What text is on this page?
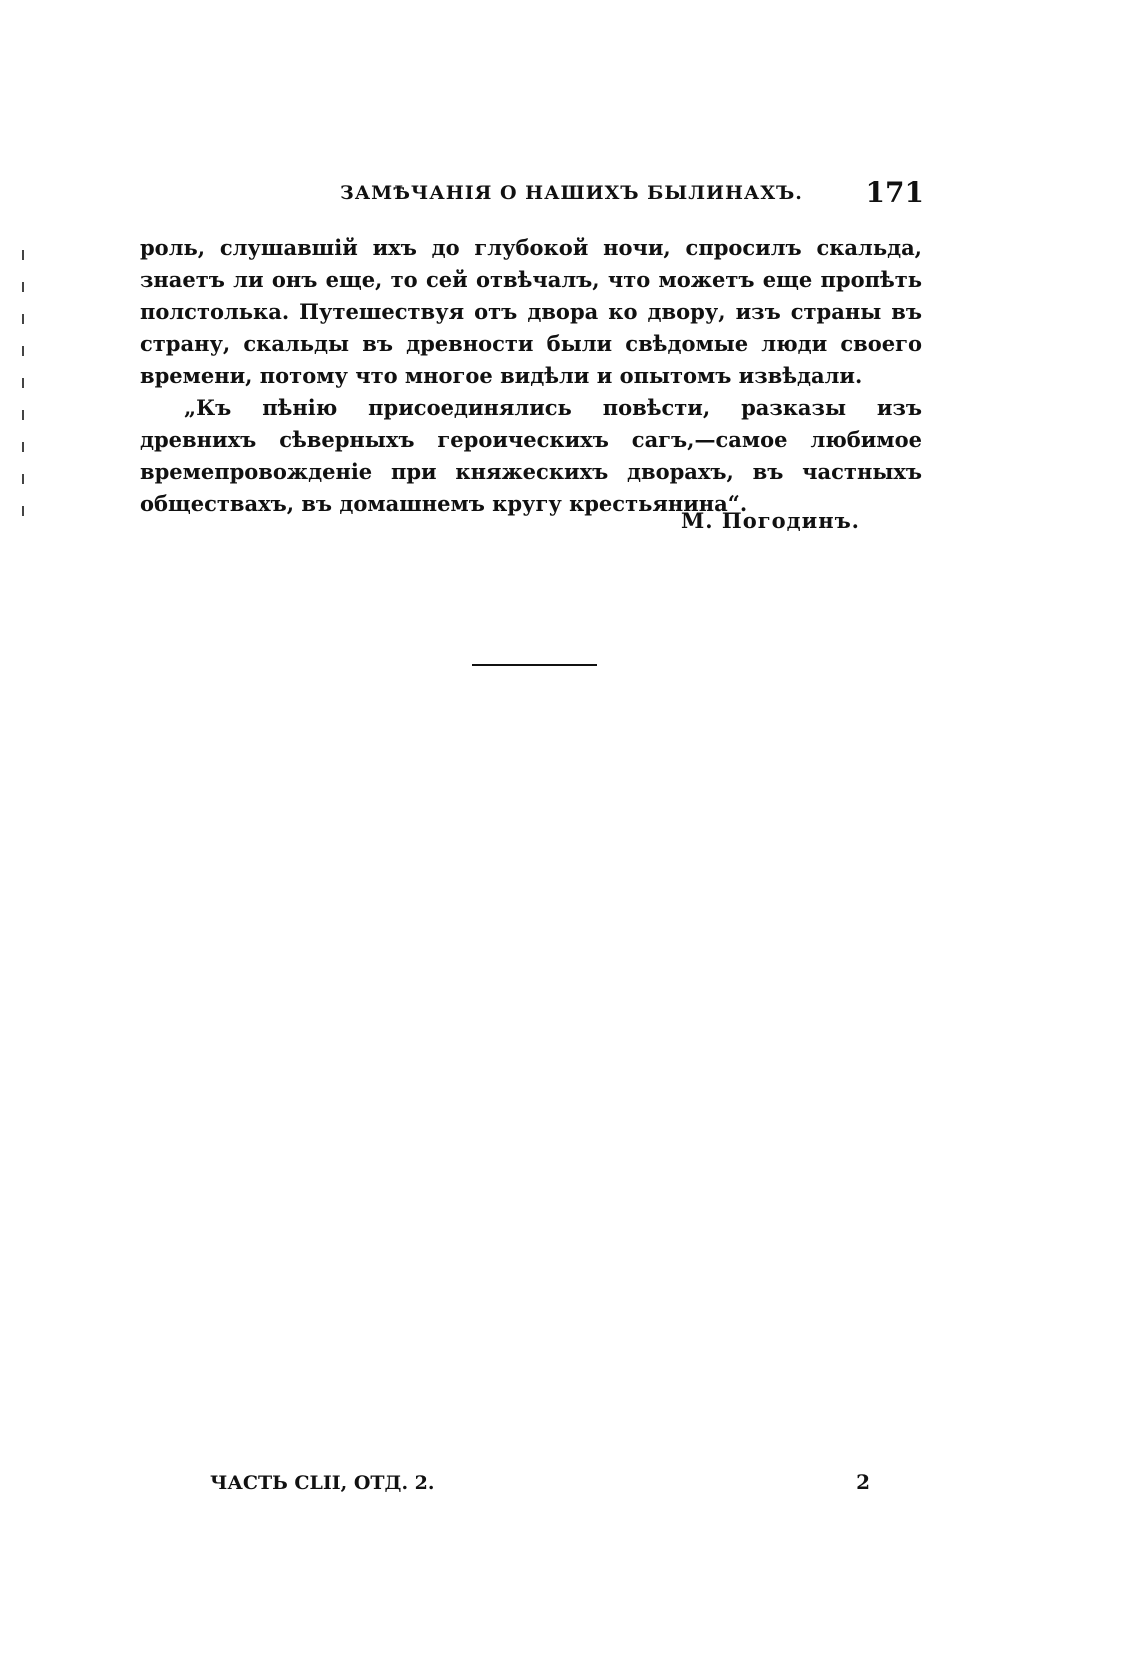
ЗАМѢЧАНІЯ О НАШИХЪ БЫЛИНАХЪ. 171

роль, слушавшій ихъ до глубокой ночи, спросилъ скальда, знаетъ ли онъ еще, то сей отвѣчалъ, что можетъ еще пропѣть полстолька. Путешествуя отъ двора ко двору, изъ страны въ страну, скальды въ древности были свѣдомые люди своего времени, потому что многое видѣли и опытомъ извѣдали.

„Къ пѣнію присоединялись повѣсти, разказы изъ древнихъ сѣверныхъ героическихъ сагъ,—самое любимое времепровожденіе при княжескихъ дворахъ, въ частныхъ обществахъ, въ домашнемъ кругу крестьянина“.

М. Погодинъ.
ЧАСТЬ CLII, ОТД. 2.	2
